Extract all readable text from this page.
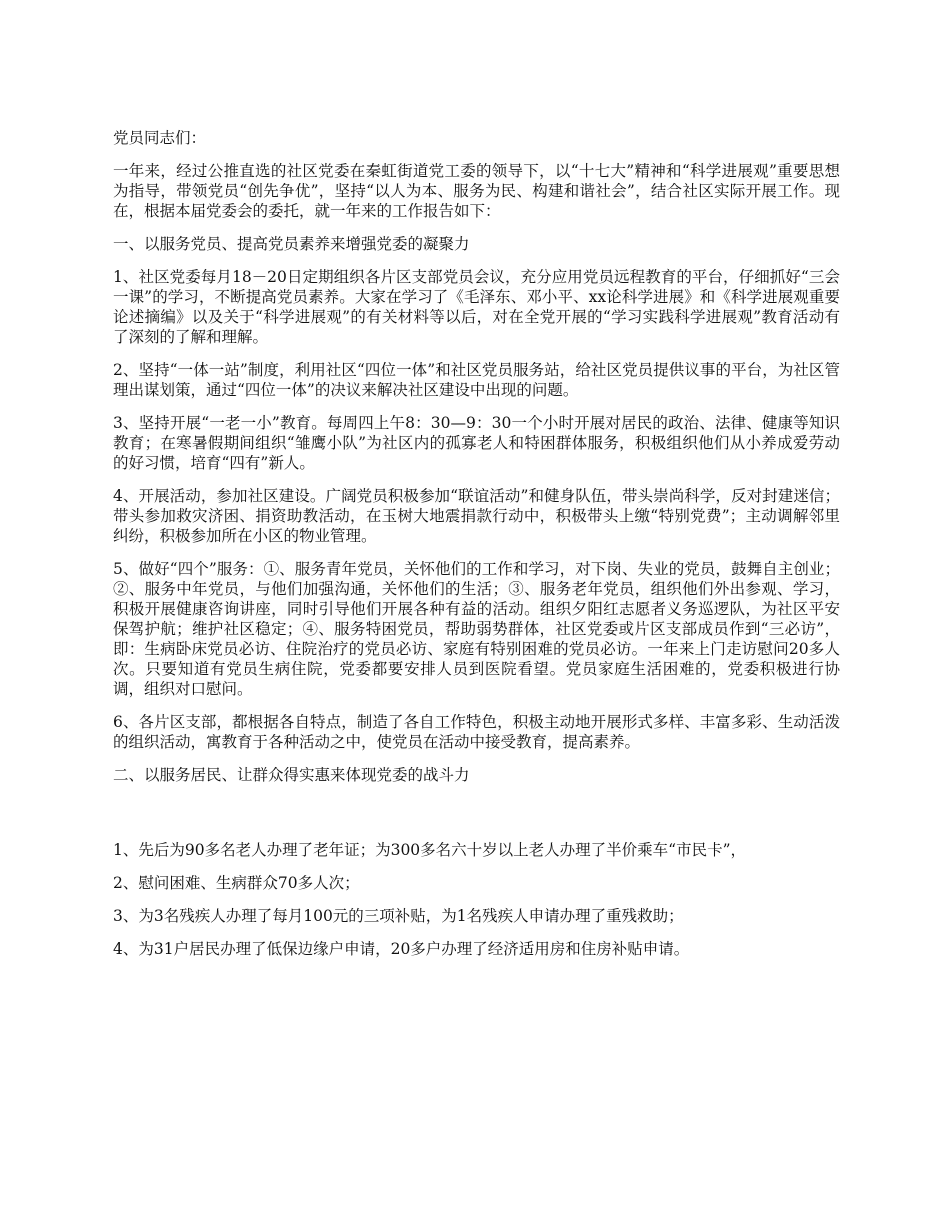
党员同志们：

一年来，经过公推直选的社区党委在秦虹街道党工委的领导下，以“十七大”精神和“科学进展观”重要思想为指导，带领党员“创先争优”，坚持“以人为本、服务为民、构建和谐社会”，结合社区实际开展工作。现在，根据本届党委会的委托，就一年来的工作报告如下：

一、以服务党员、提高党员素养来增强党委的凝聚力

1、社区党委每月18－20日定期组织各片区支部党员会议，充分应用党员远程教育的平台，仔细抓好“三会一课”的学习，不断提高党员素养。大家在学习了《毛泽东、邓小平、xx论科学进展》和《科学进展观重要论述摘编》以及关于“科学进展观”的有关材料等以后，对在全党开展的“学习实践科学进展观”教育活动有了深刻的了解和理解。

2、坚持“一体一站”制度，利用社区“四位一体”和社区党员服务站，给社区党员提供议事的平台，为社区管理出谋划策，通过“四位一体”的决议来解决社区建设中出现的问题。

3、坚持开展“一老一小”教育。每周四上午8：30—9：30一个小时开展对居民的政治、法律、健康等知识教育；在寒暑假期间组织“雏鹰小队”为社区内的孤寡老人和特困群体服务，积极组织他们从小养成爱劳动的好习惯，培育“四有”新人。

4、开展活动，参加社区建设。广阔党员积极参加“联谊活动”和健身队伍，带头崇尚科学，反对封建迷信；带头参加救灾济困、捐资助教活动，在玉树大地震捐款行动中，积极带头上缴“特别党费”；主动调解邻里纠纷，积极参加所在小区的物业管理。

5、做好“四个”服务：①、服务青年党员，关怀他们的工作和学习，对下岗、失业的党员，鼓舞自主创业；②、服务中年党员，与他们加强沟通，关怀他们的生活；③、服务老年党员，组织他们外出参观、学习，积极开展健康咨询讲座，同时引导他们开展各种有益的活动。组织夕阳红志愿者义务巡逻队，为社区平安保驾护航；维护社区稳定；④、服务特困党员，帮助弱势群体，社区党委或片区支部成员作到“三必访”，即：生病卧床党员必访、住院治疗的党员必访、家庭有特别困难的党员必访。一年来上门走访慰问20多人次。只要知道有党员生病住院，党委都要安排人员到医院看望。党员家庭生活困难的，党委积极进行协调，组织对口慰问。

6、各片区支部，都根据各自特点，制造了各自工作特色，积极主动地开展形式多样、丰富多彩、生动活泼的组织活动，寓教育于各种活动之中，使党员在活动中接受教育，提高素养。

二、以服务居民、让群众得实惠来体现党委的战斗力

1、先后为90多名老人办理了老年证；为300多名六十岁以上老人办理了半价乘车“市民卡”，

2、慰问困难、生病群众70多人次；

3、为3名残疾人办理了每月100元的三项补贴，为1名残疾人申请办理了重残救助；

4、为31户居民办理了低保边缘户申请，20多户办理了经济适用房和住房补贴申请。
